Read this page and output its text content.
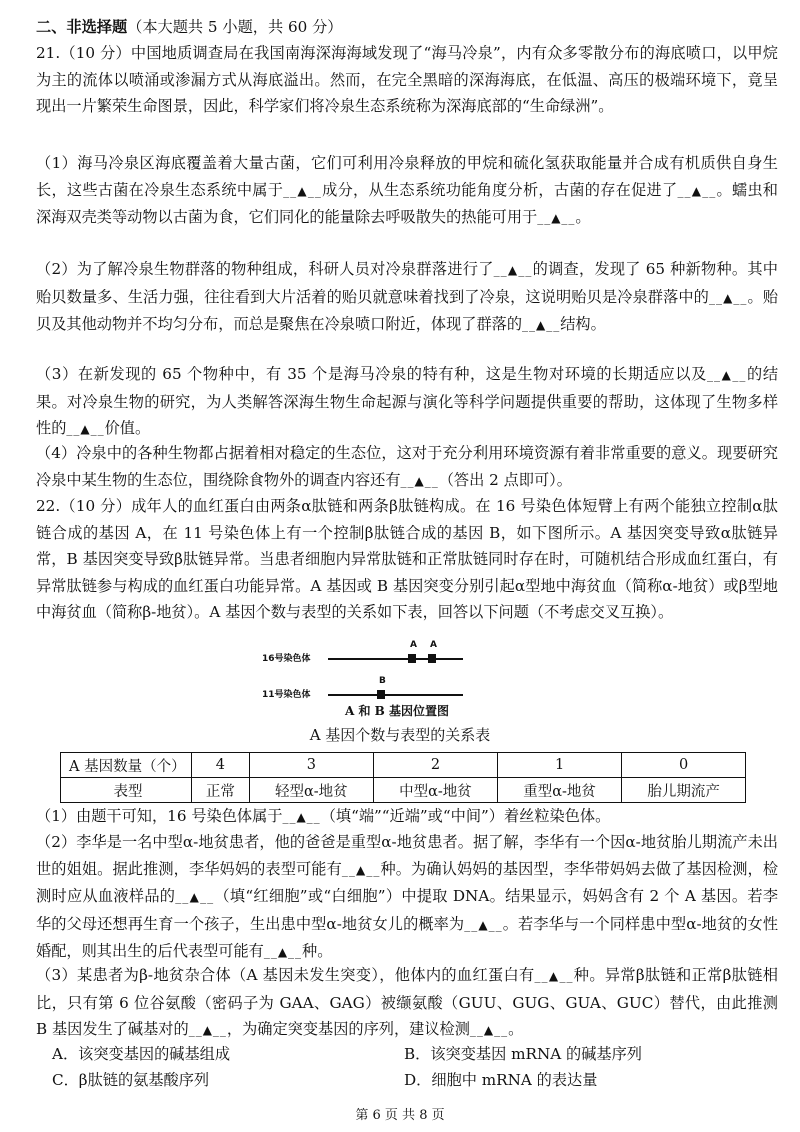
二、非选择题（本大题共 5 小题，共 60 分）
21.（10 分）中国地质调查局在我国南海深海海域发现了“海马冷泉”，内有众多零散分布的海底喷口，以甲烷为主的流体以喷涌或渗漏方式从海底溢出。然而，在完全黑暗的深海海底，在低温、高压的极端环境下，竟呈现出一片繁荣生命图景，因此，科学家们将冷泉生态系统称为深海底部的“生命绿洲”。
（1）海马冷泉区海底覆盖着大量古菌，它们可利用冷泉释放的甲烷和硫化氢获取能量并合成有机质供自身生长，这些古菌在冷泉生态系统中属于__▲__成分，从生态系统功能角度分析，古菌的存在促进了__▲__。蠕虫和深海双壳类等动物以古菌为食，它们同化的能量除去呼吸散失的热能可用于__▲__。
（2）为了解冷泉生物群落的物种组成，科研人员对冷泉群落进行了__▲__的调查，发现了 65 种新物种。其中贻贝数量多、生活力强，往往看到大片活着的贻贝就意味着找到了冷泉，这说明贻贝是冷泉群落中的__▲__。贻贝及其他动物并不均匀分布，而总是聚焦在冷泉喷口附近，体现了群落的__▲__结构。
（3）在新发现的 65 个物种中，有 35 个是海马冷泉的特有种，这是生物对环境的长期适应以及__▲__的结果。对冷泉生物的研究，为人类解答深海生物生命起源与演化等科学问题提供重要的帮助，这体现了生物多样性的__▲__价值。
（4）冷泉中的各种生物都占据着相对稳定的生态位，这对于充分利用环境资源有着非常重要的意义。现要研究冷泉中某生物的生态位，围绕除食物外的调查内容还有__▲__（答出 2 点即可）。
22.（10 分）成年人的血红蛋白由两条α肽链和两条β肽链构成。在 16 号染色体短臂上有两个能独立控制α肽链合成的基因 A，在 11 号染色体上有一个控制β肽链合成的基因 B，如下图所示。A 基因突变导致α肽链异常，B 基因突变导致β肽链异常。当患者细胞内异常肽链和正常肽链同时存在时，可随机结合形成血红蛋白，有异常肽链参与构成的血红蛋白功能异常。A 基因或 B 基因突变分别引起α型地中海贫血（简称α-地贫）或β型地中海贫血（简称β-地贫）。A 基因个数与表型的关系如下表，回答以下问题（不考虑交叉互换）。
16号染色体
A A
11号染色体
B
A 和 B 基因位置图
A 基因个数与表型的关系表
A 基因数量（个）	4	3	2	1	0
表型	正常	轻型α-地贫	中型α-地贫	重型α-地贫	胎儿期流产
（1）由题干可知，16 号染色体属于__▲__（填“端”“近端”或“中间”）着丝粒染色体。
（2）李华是一名中型α-地贫患者，他的爸爸是重型α-地贫患者。据了解，李华有一个因α-地贫胎儿期流产未出世的姐姐。据此推测，李华妈妈的表型可能有__▲__种。为确认妈妈的基因型，李华带妈妈去做了基因检测，检测时应从血液样品的__▲__（填“红细胞”或“白细胞”）中提取 DNA。结果显示，妈妈含有 2 个 A 基因。若李华的父母还想再生育一个孩子，生出患中型α-地贫女儿的概率为__▲__。若李华与一个同样患中型α-地贫的女性婚配，则其出生的后代表型可能有__▲__种。
（3）某患者为β-地贫杂合体（A 基因未发生突变），他体内的血红蛋白有__▲__种。异常β肽链和正常β肽链相比，只有第 6 位谷氨酸（密码子为 GAA、GAG）被缬氨酸（GUU、GUG、GUA、GUC）替代，由此推测 B 基因发生了碱基对的__▲__，为确定突变基因的序列，建议检测__▲__。
A．该突变基因的碱基组成	B．该突变基因 mRNA 的碱基序列
C．β肽链的氨基酸序列	D．细胞中 mRNA 的表达量
第 6 页 共 8 页
